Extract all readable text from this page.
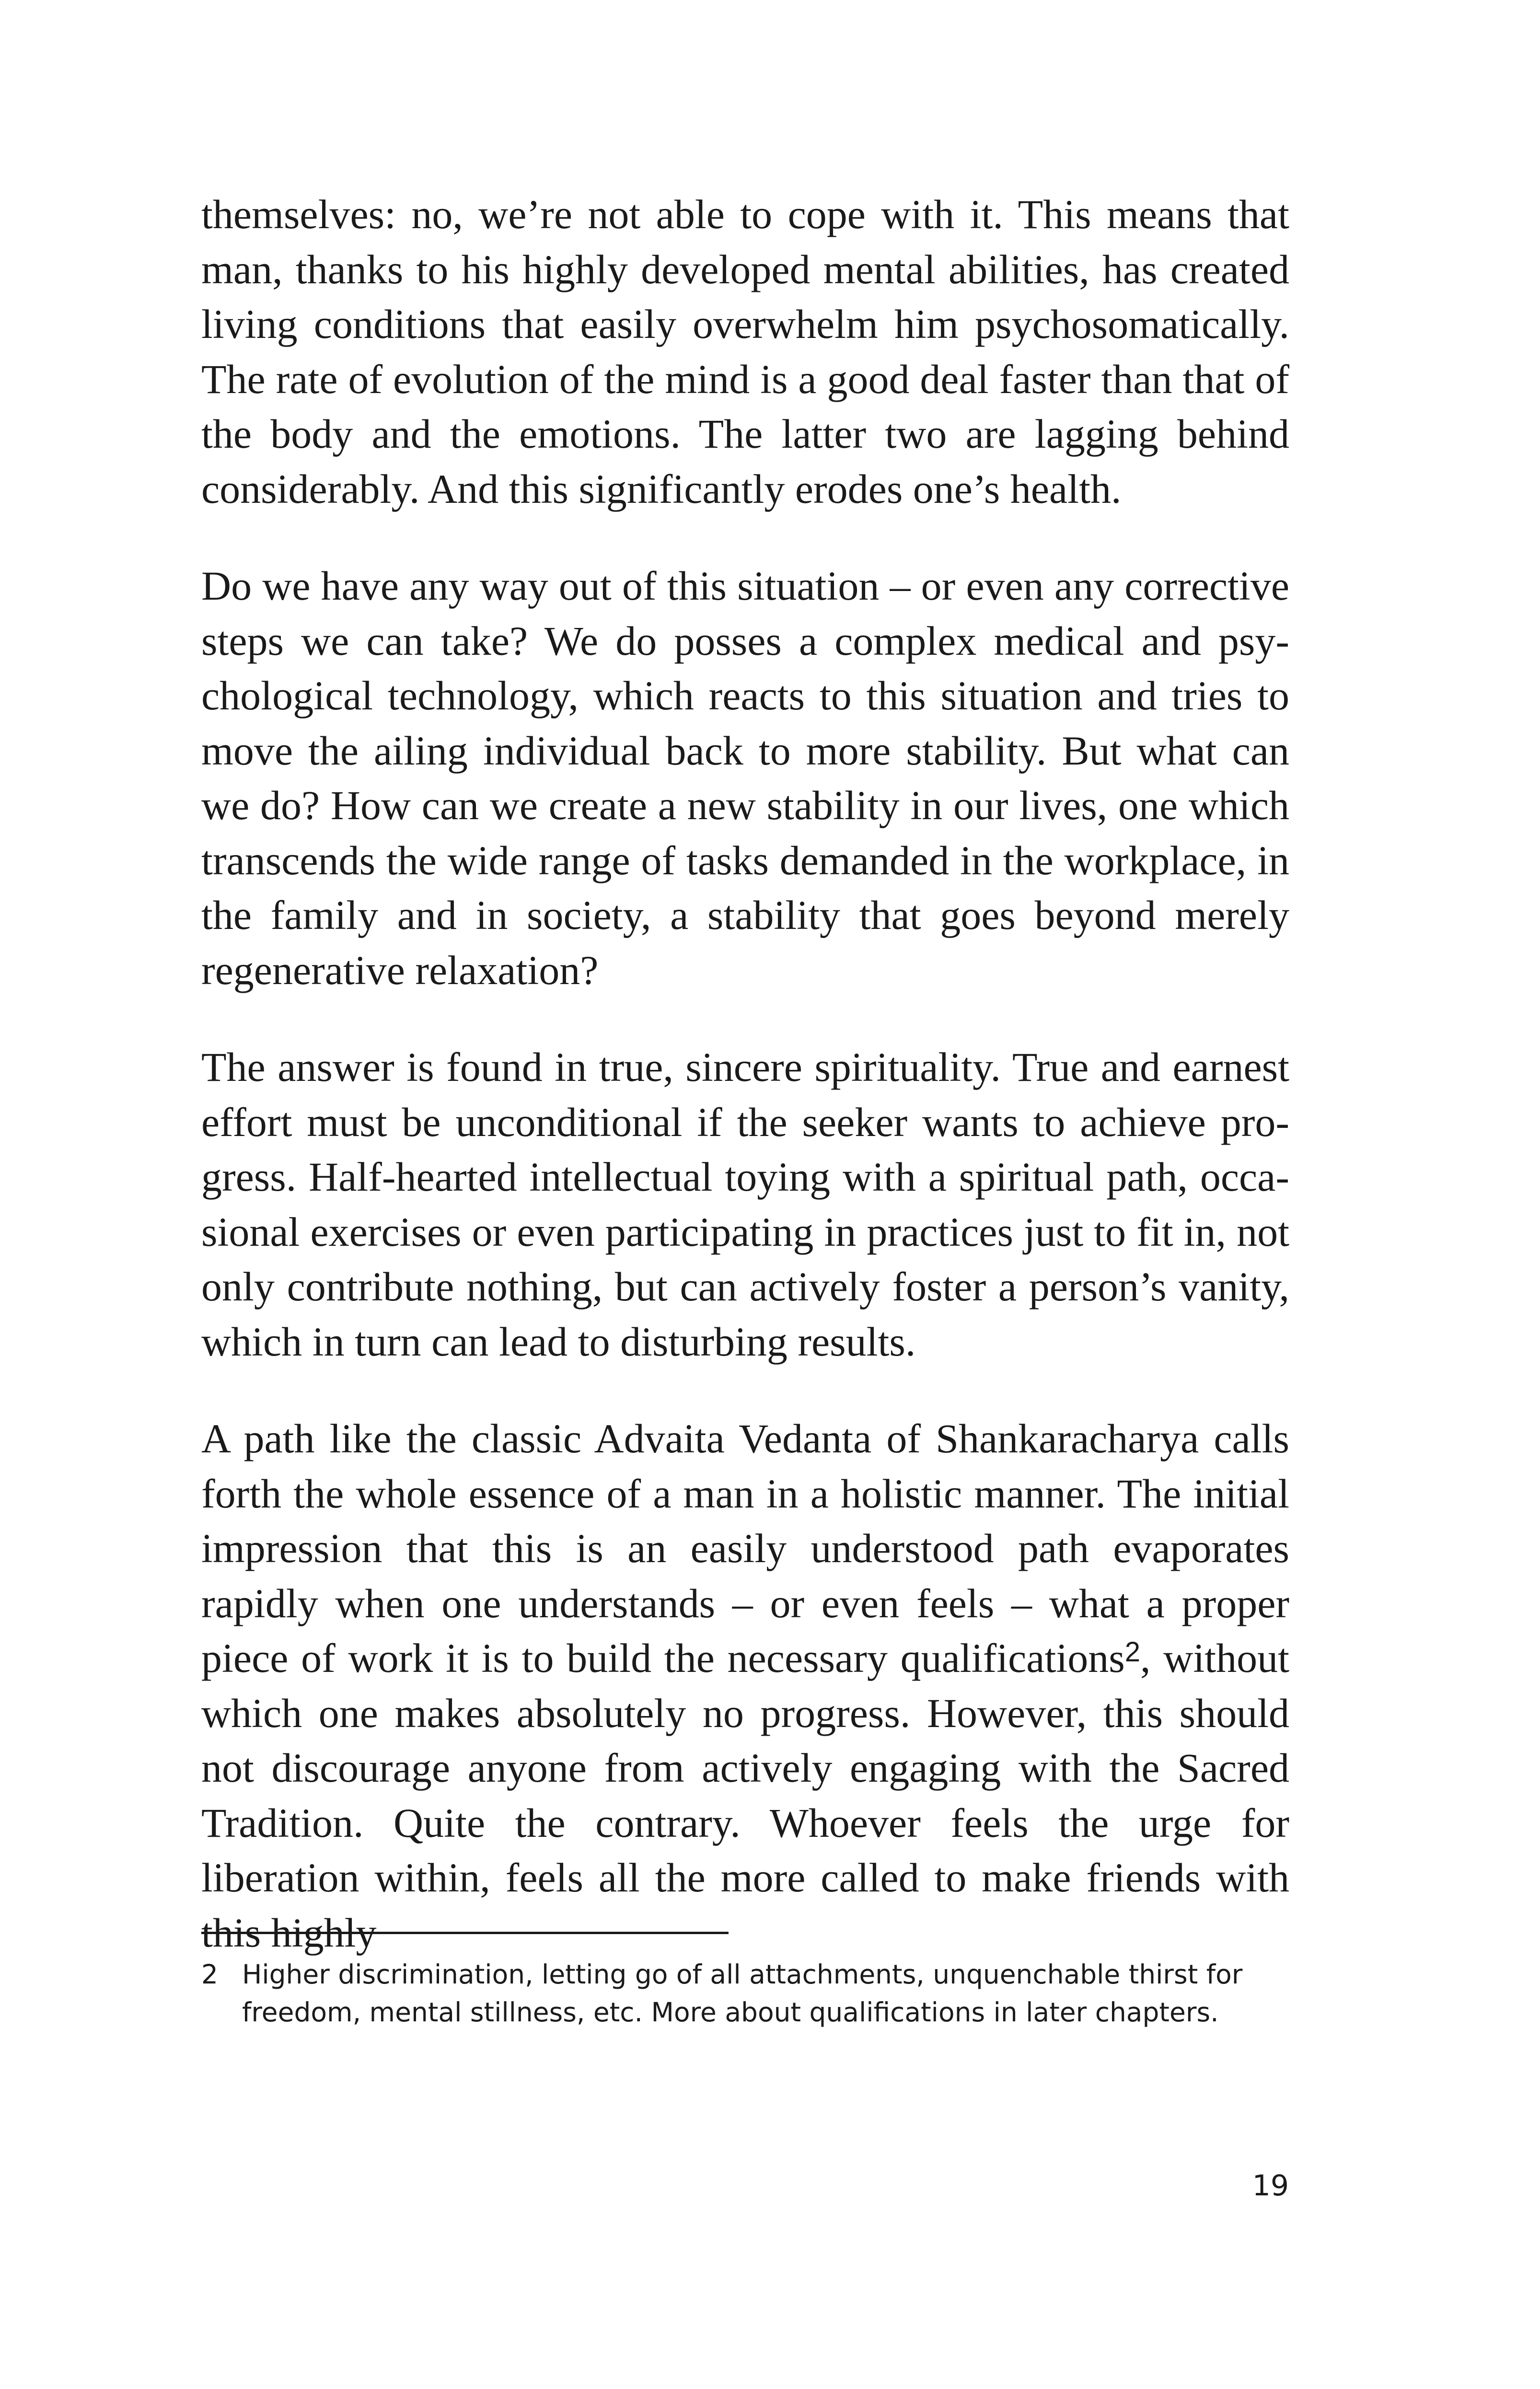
themselves: no, we’re not able to cope with it. This means that man, thanks to his highly developed mental abilities, has created living conditions that easily overwhelm him psychosomatically. The rate of evolution of the mind is a good deal faster than that of the body and the emotions. The latter two are lagging behind considerably. And this significantly erodes one’s health.

Do we have any way out of this situation – or even any corrective steps we can take? We do posses a complex medical and psychological technology, which reacts to this situation and tries to move the ailing individual back to more stability. But what can we do? How can we create a new stability in our lives, one which transcends the wide range of tasks demanded in the workplace, in the family and in society, a stability that goes beyond merely regenerative relaxation?

The answer is found in true, sincere spirituality. True and earnest effort must be unconditional if the seeker wants to achieve progress. Half-hearted intellectual toying with a spiritual path, occasional exercises or even participating in practices just to fit in, not only contribute nothing, but can actively foster a person’s vanity, which in turn can lead to disturbing results.

A path like the classic Advaita Vedanta of Shankaracharya calls forth the whole essence of a man in a holistic manner. The initial impression that this is an easily understood path evaporates rapidly when one understands – or even feels – what a proper piece of work it is to build the necessary qualifications$^2$, without which one makes absolutely no progress. However, this should not discourage anyone from actively engaging with the Sacred Tradition. Quite the contrary. Whoever feels the urge for liberation within, feels all the more called to make friends with this highly

2 Higher discrimination, letting go of all attachments, unquenchable thirst for freedom, mental stillness, etc. More about qualifications in later chapters.
19
